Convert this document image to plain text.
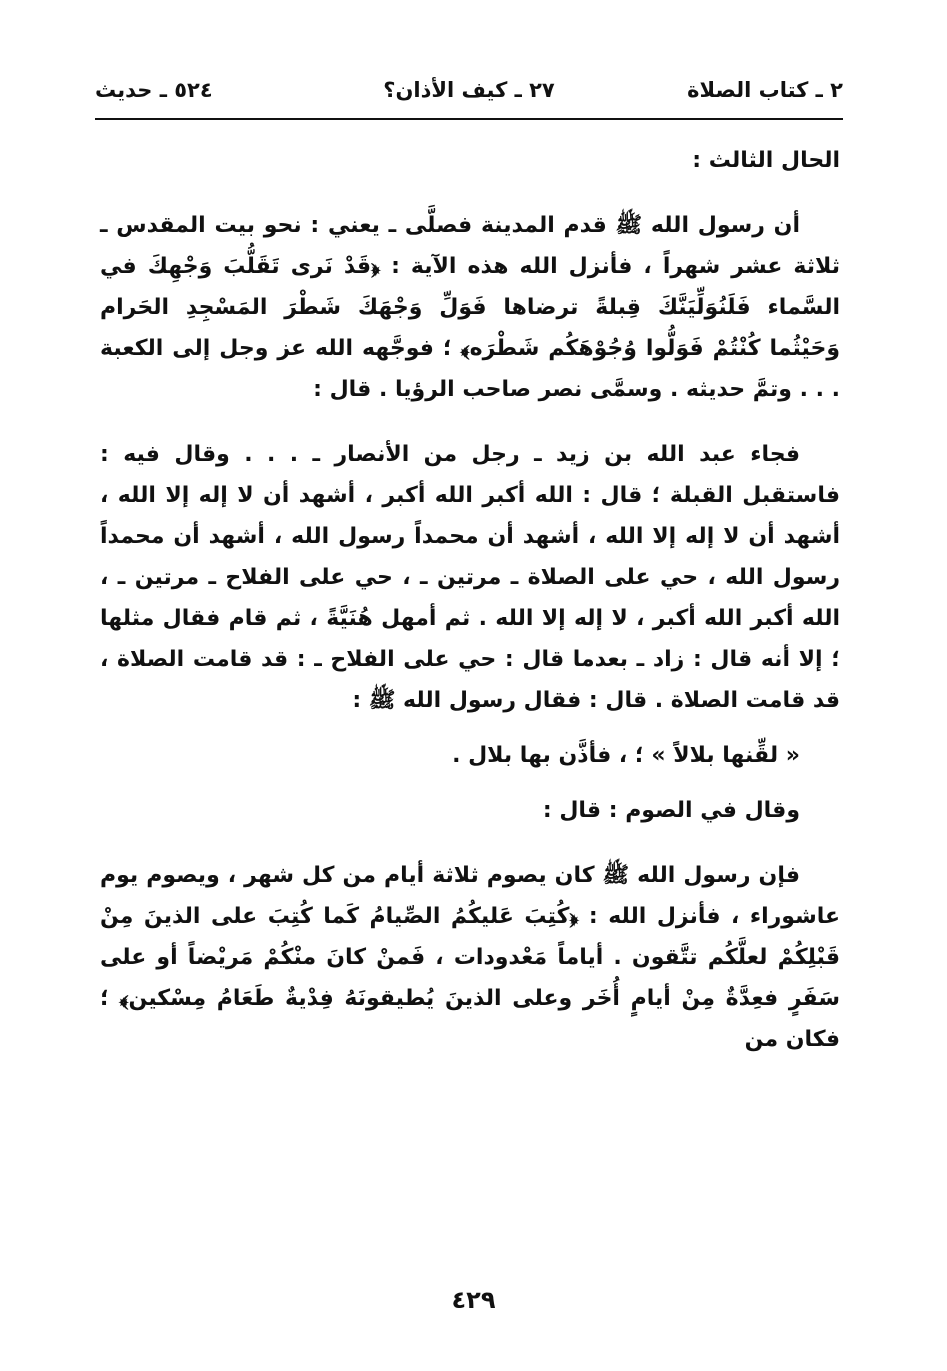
٢ ـ كتاب الصلاة
٢٧ ـ كيف الأذان؟
٥٢٤ ـ حديث

الحال الثالث :

أن رسول الله ﷺ قدم المدينة فصلَّى ـ يعني : نحو بيت المقدس ـ ثلاثة عشر شهراً ، فأنزل الله هذه الآية : ﴿قَدْ نَرى تَقَلُّبَ وَجْهِكَ في السَّماء فَلَنُوَلِّيَنَّكَ قِبلةً ترضاها فَوَلِّ وَجْهَكَ شَطْرَ المَسْجِدِ الحَرام وَحَيْثُما كُنْتُمْ فَوَلُّوا وُجُوْهَكُم شَطْرَه﴾ ؛ فوجَّهه الله عز وجل إلى الكعبة . . . وتمَّ حديثه . وسمَّى نصر صاحب الرؤيا . قال :

فجاء عبد الله بن زيد ـ رجل من الأنصار ـ . . . وقال فيه : فاستقبل القبلة ؛ قال : الله أكبر الله أكبر ، أشهد أن لا إله إلا الله ، أشهد أن لا إله إلا الله ، أشهد أن محمداً رسول الله ، أشهد أن محمداً رسول الله ، حي على الصلاة ـ مرتين ـ ، حي على الفلاح ـ مرتين ـ ، الله أكبر الله أكبر ، لا إله إلا الله . ثم أمهل هُنَيَّةً ، ثم قام فقال مثلها ؛ إلا أنه قال : زاد ـ بعدما قال : حي على الفلاح ـ : قد قامت الصلاة ، قد قامت الصلاة . قال : فقال رسول الله ﷺ :

« لقِّنها بلالاً » ؛ ، فأذَّن بها بلال .

وقال في الصوم : قال :

فإن رسول الله ﷺ كان يصوم ثلاثة أيام من كل شهر ، ويصوم يوم عاشوراء ، فأنزل الله : ﴿كُتِبَ عَليكُمُ الصِّيامُ كَما كُتِبَ على الذينَ مِنْ قَبْلِكُمْ لعلَّكُم تتَّقون . أياماً مَعْدودات ، فَمنْ كانَ منْكُمْ مَريْضاً أو على سَفَرٍ فعِدَّةٌ مِنْ أيامٍ أُخَر وعلى الذينَ يُطيقونَهُ فِدْيةٌ طَعَامُ مِسْكين﴾ ؛ فكان من

٤٢٩
